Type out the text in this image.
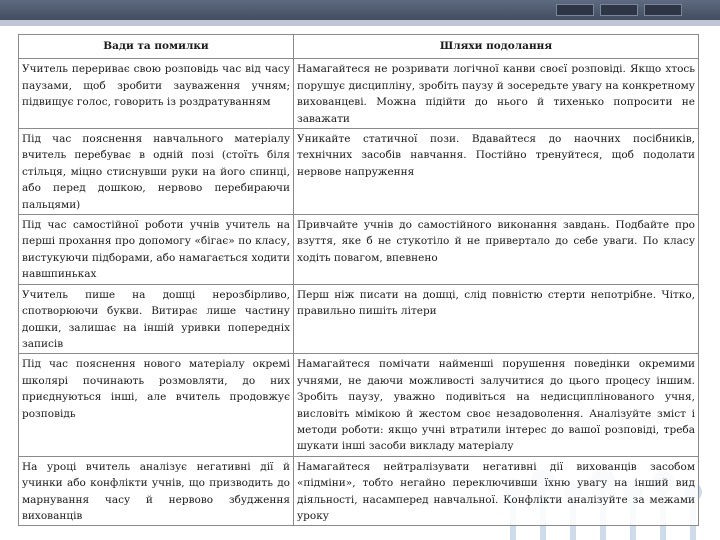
Вади та помилки	Шляхи подолання
Учитель перериває свою розповідь час від часу паузами, щоб зробити зауваження учням; підвищує голос, говорить із роздратуванням	Намагайтеся не розривати логічної канви своєї розповіді. Якщо хтось порушує дисципліну, зробіть паузу й зосередьте увагу на конкретному вихованцеві. Можна підійти до нього й тихенько попросити не заважати
Під час пояснення навчального матеріалу вчитель перебуває в одній позі (стоїть біля стільця, міцно стиснувши руки на його спинці, або перед дошкою, нервово перебираючи пальцями)	Уникайте статичної пози. Вдавайтеся до наочних посібників, технічних засобів навчання. Постійно тренуйтеся, щоб подолати нервове напруження
Під час самостійної роботи учнів учитель на перші прохання про допомогу «бігає» по класу, вистукуючи підборами, або намагається ходити навшпиньках	Привчайте учнів до самостійного виконання завдань. Подбайте про взуття, яке б не стукотіло й не привертало до себе уваги. По класу ходіть повагом, впевнено
Учитель пише на дошці нерозбірливо, спотворюючи букви. Витирає лише частину дошки, залишає на іншій уривки попередніх записів	Перш ніж писати на дошці, слід повністю стерти непотрібне. Чітко, правильно пишіть літери
Під час пояснення нового матеріалу окремі школярі починають розмовляти, до них приєднуються інші, але вчитель продовжує розповідь	Намагайтеся помічати найменші порушення поведінки окремими учнями, не даючи можливості залучитися до цього процесу іншим. Зробіть паузу, уважно подивіться на недисциплінованого учня, висловіть мімікою й жестом своє незадоволення. Аналізуйте зміст і методи роботи: якщо учні втратили інтерес до вашої розповіді, треба шукати інші засоби викладу матеріалу
На уроці вчитель аналізує негативні дії й учинки або конфлікти учнів, що призводить до марнування часу й нервово збудження вихованців	Намагайтеся нейтралізувати негативні дії вихованців засобом «підміни», тобто негайно переключивши їхню увагу на інший вид діяльності, насамперед навчальної. Конфлікти аналізуйте за межами уроку
